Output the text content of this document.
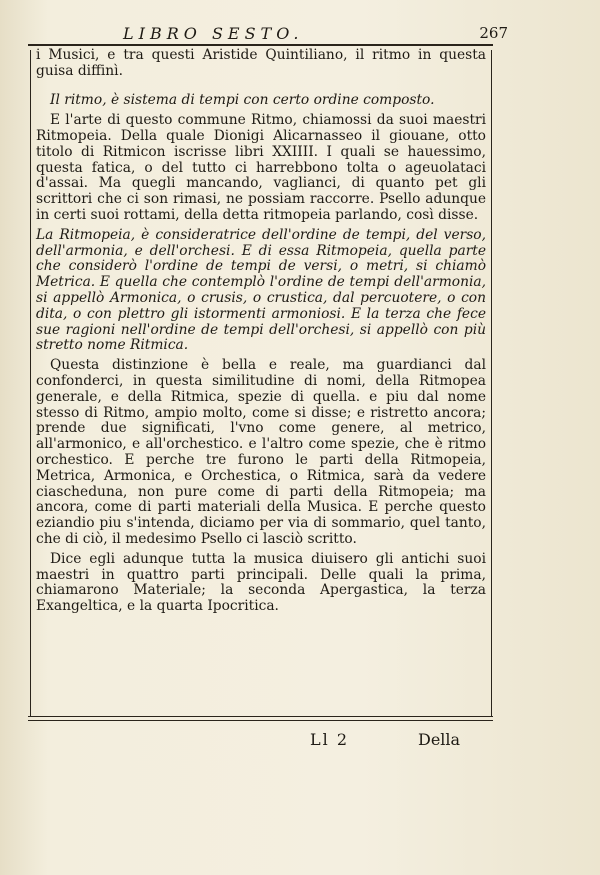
LIBRO SESTO.	267

i Musici, e tra questi Aristide Quintiliano, il ritmo in questa guisa diffinì.

Il ritmo, è sistema di tempi con certo ordine composto.

E l'arte di questo commune Ritmo, chiamossi da suoi maestri Ritmopeia. Della quale Dionigi Alicarnasseo il giouane, otto titolo di Ritmicon iscrisse libri XXIIII. I quali se hauessimo, questa fatica, o del tutto ci harrebbono tolta o ageuolataci d'assai. Ma quegli mancando, vaglianci, di quanto pet gli scrittori che ci son rimasi, ne possiam raccorre. Psello adunque in certi suoi rottami, della detta ritmopeia parlando, così disse.

La Ritmopeia, è consideratrice dell'ordine de tempi, del verso, dell'armonia, e dell'orchesi. E di essa Ritmopeia, quella parte che considerò l'ordine de tempi de versi, o metri, si chiamò Metrica. E quella che contemplò l'ordine de tempi dell'armonia, si appellò Armonica, o crusis, o crustica, dal percuotere, o con dita, o con plettro gli istormenti armoniosi. E la terza che fece sue ragioni nell'ordine de tempi dell'orchesi, si appellò con più stretto nome Ritmica.

Questa distinzione è bella e reale, ma guardianci dal confonderci, in questa similitudine di nomi, della Ritmopea generale, e della Ritmica, spezie di quella. e piu dal nome stesso di Ritmo, ampio molto, come si disse; e ristretto ancora; prende due significati, l'vno come genere, al metrico, all'armonico, e all'orchestico. e l'altro come spezie, che è ritmo orchestico. E perche tre furono le parti della Ritmopeia, Metrica, Armonica, e Orchestica, o Ritmica, sarà da vedere ciascheduna, non pure come di parti della Ritmopeia; ma ancora, come di parti materiali della Musica. E perche questo eziandio piu s'intenda, diciamo per via di sommario, quel tanto, che di ciò, il medesimo Psello ci lasciò scritto.

Dice egli adunque tutta la musica diuisero gli antichi suoi maestri in quattro parti principali. Delle quali la prima, chiamarono Materiale; la seconda Apergastica, la terza Exangeltica, e la quarta Ipocritica.

Ll 2	Della
